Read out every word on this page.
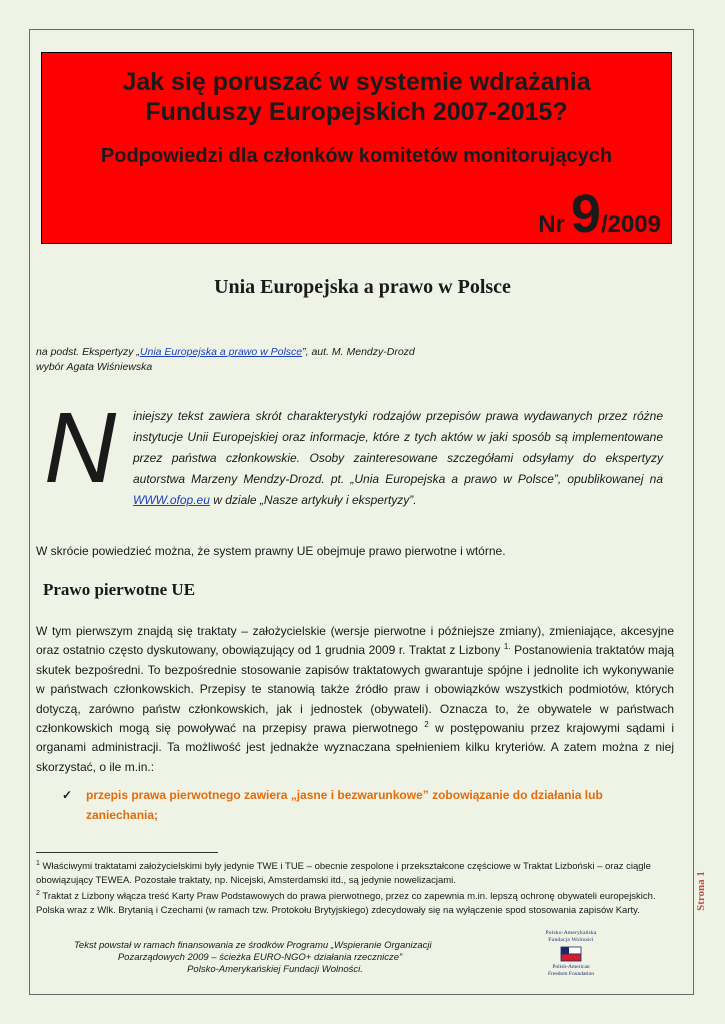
Jak się poruszać w systemie wdrażania
Funduszy Europejskich 2007-2015?
Podpowiedzi dla członków komitetów monitorujących
Nr 9/2009
Unia Europejska a prawo w Polsce
na podst. Ekspertyzy „Unia Europejska a prawo w Polsce”, aut. M. Mendzy-Drozd
wybór Agata Wiśniewska
N iniejszy tekst zawiera skrót charakterystyki rodzajów przepisów prawa wydawanych przez różne instytucje Unii Europejskiej oraz informacje, które z tych aktów w jaki sposób są implementowane przez państwa członkowskie. Osoby zainteresowane szczegółami odsyłamy do ekspertyzy autorstwa Marzeny Mendzy-Drozd. pt. „Unia Europejska a prawo w Polsce”, opublikowanej na WWW.ofop.eu w dziale „Nasze artykuły i ekspertyzy”.
W skrócie powiedzieć można, że system prawny UE obejmuje prawo pierwotne i wtórne.
Prawo pierwotne UE
W tym pierwszym znajdą się traktaty – założycielskie (wersje pierwotne i późniejsze zmiany), zmieniające, akcesyjne oraz ostatnio często dyskutowany, obowiązujący od 1 grudnia 2009 r. Traktat z Lizbony $^{1.}$ Postanowienia traktatów mają skutek bezpośredni. To bezpośrednie stosowanie zapisów traktatowych gwarantuje spójne i jednolite ich wykonywanie w państwach członkowskich. Przepisy te stanowią także źródło praw i obowiązków wszystkich podmiotów, których dotyczą, zarówno państw członkowskich, jak i jednostek (obywateli). Oznacza to, że obywatele w państwach członkowskich mogą się powoływać na przepisy prawa pierwotnego $^2$ w postępowaniu przez krajowymi sądami i organami administracji. Ta możliwość jest jednakże wyznaczana spełnieniem kilku kryteriów. A zatem można z niej skorzystać, o ile m.in.:
✓	przepis prawa pierwotnego zawiera „jasne i bezwarunkowe” zobowiązanie do działania lub zaniechania;

$^1$ Właściwymi traktatami założycielskimi były jedynie TWE i TUE – obecnie zespolone i przekształcone częściowe w Traktat Lizboński – oraz ciągle obowiązujący TEWEA. Pozostałe traktaty, np. Nicejski, Amsterdamski itd., są jedynie nowelizacjami.

$^2$ Traktat z Lizbony włącza treść Karty Praw Podstawowych do prawa pierwotnego, przez co zapewnia m.in. lepszą ochronę obywateli europejskich. Polska wraz z Wlk. Brytanią i Czechami (w ramach tzw. Protokołu Brytyjskiego) zdecydowały się na wyłączenie spod stosowania zapisów Karty.	Strona 1
Tekst powstał w ramach finansowania ze środków Programu „Wspieranie Organizacji
Pozarządowych 2009 – ścieżka EURO-NGO+ działania rzecznicze”
Polsko-Amerykańskiej Fundacji Wolności.
Polsko-Amerykańska
Fundacja Wolności
Polish-American
Freedom Foundation
